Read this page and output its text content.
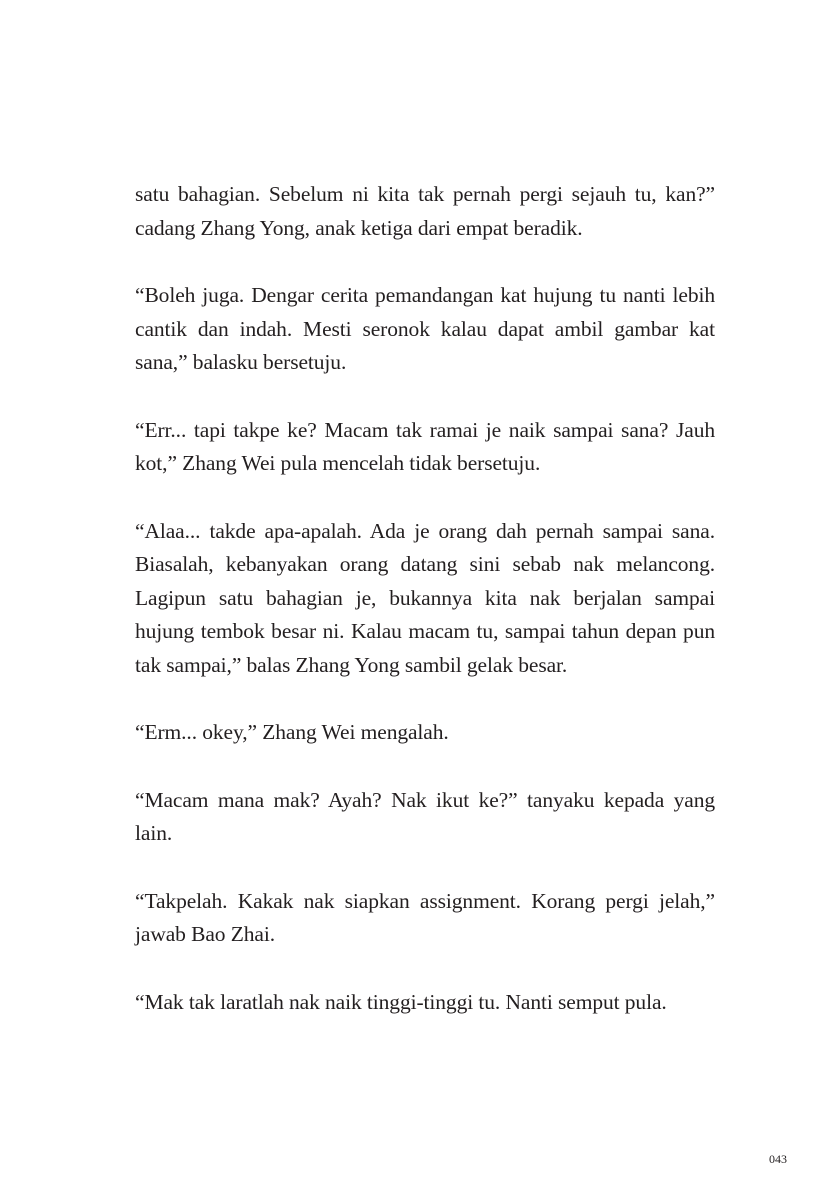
satu bahagian. Sebelum ni kita tak pernah pergi sejauh tu, kan?” cadang Zhang Yong, anak ketiga dari empat beradik.

“Boleh juga. Dengar cerita pemandangan kat hujung tu nanti lebih cantik dan indah. Mesti seronok kalau dapat ambil gambar kat sana,” balasku bersetuju.

“Err... tapi takpe ke? Macam tak ramai je naik sampai sana? Jauh kot,” Zhang Wei pula mencelah tidak bersetuju.

“Alaa... takde apa-apalah. Ada je orang dah pernah sampai sana. Biasalah, kebanyakan orang datang sini sebab nak melancong. Lagipun satu bahagian je, bukannya kita nak berjalan sampai hujung tembok besar ni. Kalau macam tu, sampai tahun depan pun tak sampai,” balas Zhang Yong sambil gelak besar.

“Erm... okey,” Zhang Wei mengalah.

“Macam mana mak? Ayah? Nak ikut ke?” tanyaku kepada yang lain.

“Takpelah. Kakak nak siapkan assignment. Korang pergi jelah,” jawab Bao Zhai.

“Mak tak laratlah nak naik tinggi-tinggi tu. Nanti semput pula.

043
